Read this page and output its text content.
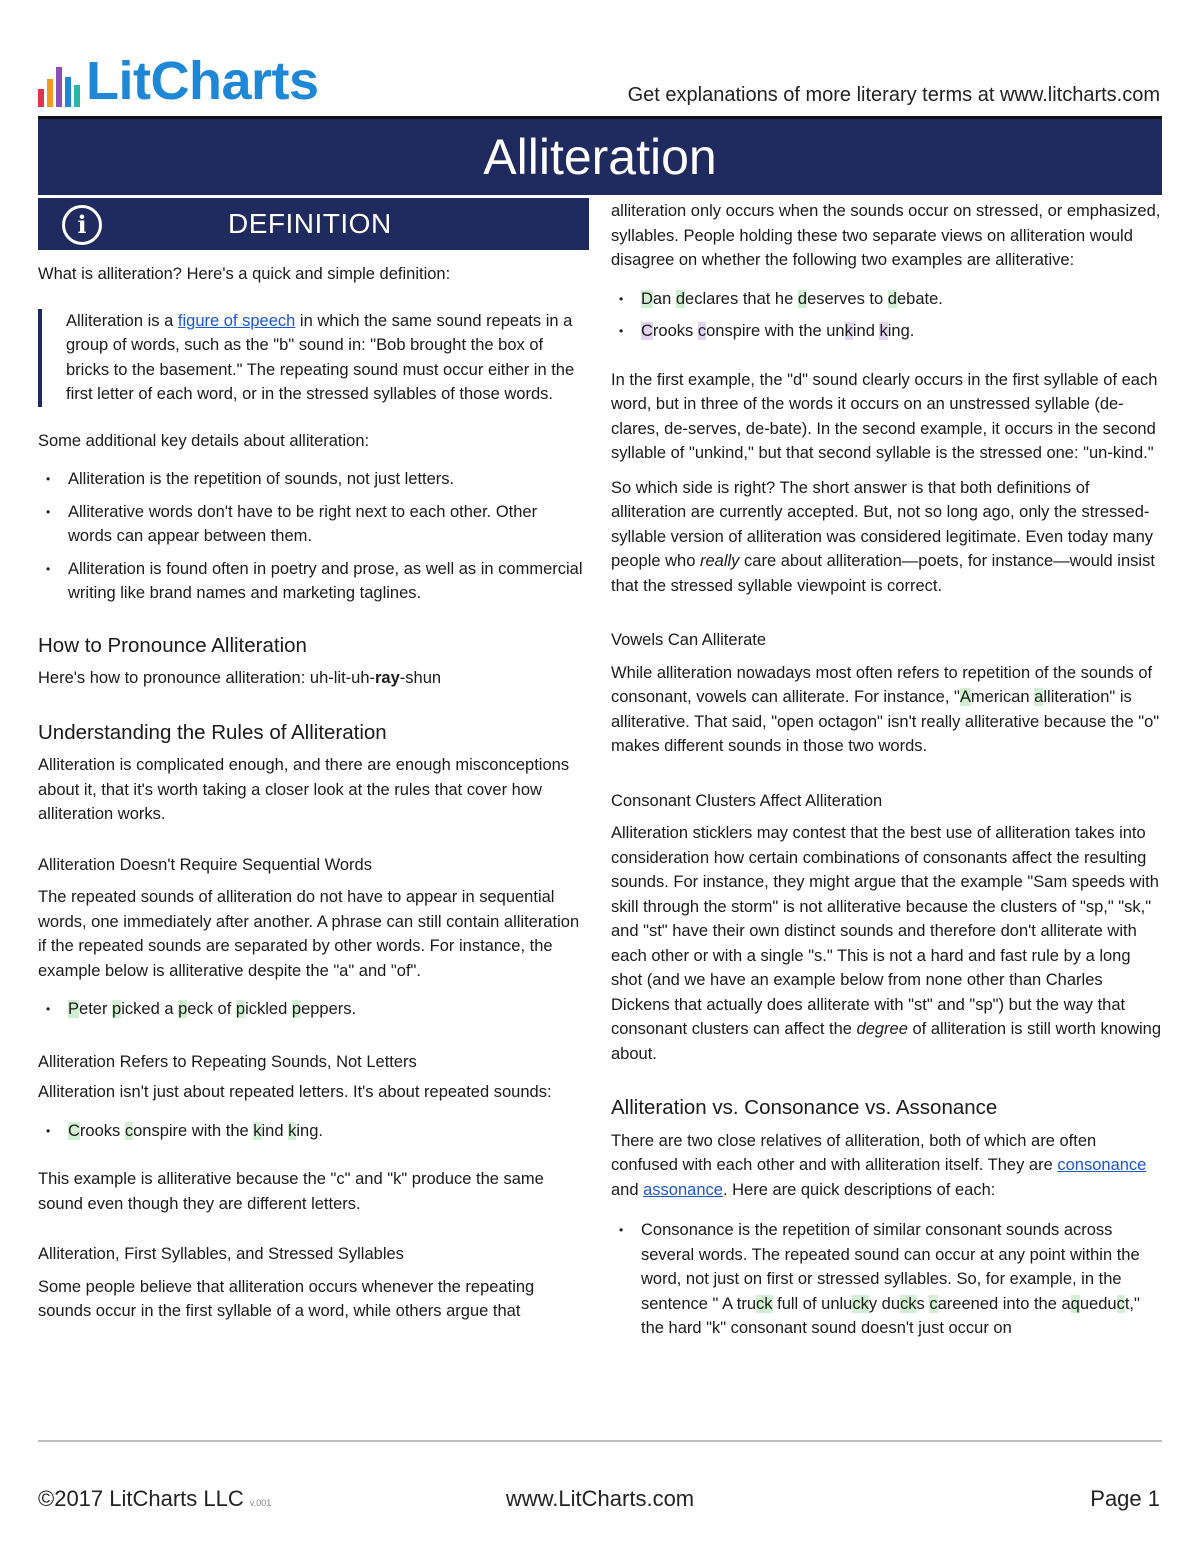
LitCharts	Get explanations of more literary terms at www.litcharts.com
Alliteration
i	DEFINITION

What is alliteration? Here's a quick and simple definition:

Alliteration is a figure of speech in which the same sound repeats in a group of words, such as the "b" sound in: "Bob brought the box of bricks to the basement." The repeating sound must occur either in the first letter of each word, or in the stressed syllables of those words.

Some additional key details about alliteration:

• Alliteration is the repetition of sounds, not just letters.
• Alliterative words don't have to be right next to each other. Other words can appear between them.
• Alliteration is found often in poetry and prose, as well as in commercial writing like brand names and marketing taglines.
How to Pronounce Alliteration

Here's how to pronounce alliteration: uh-lit-uh-ray-shun

Understanding the Rules of Alliteration

Alliteration is complicated enough, and there are enough misconceptions about it, that it's worth taking a closer look at the rules that cover how alliteration works.

Alliteration Doesn't Require Sequential Words

The repeated sounds of alliteration do not have to appear in sequential words, one immediately after another. A phrase can still contain alliteration if the repeated sounds are separated by other words. For instance, the example below is alliterative despite the "a" and "of".

• Peter picked a peck of pickled peppers.
Alliteration Refers to Repeating Sounds, Not Letters

Alliteration isn't just about repeated letters. It's about repeated sounds:

• Crooks conspire with the kind king.

This example is alliterative because the "c" and "k" produce the same sound even though they are different letters.

Alliteration, First Syllables, and Stressed Syllables

Some people believe that alliteration occurs whenever the repeating sounds occur in the first syllable of a word, while others argue that

alliteration only occurs when the sounds occur on stressed, or emphasized, syllables. People holding these two separate views on alliteration would disagree on whether the following two examples are alliterative:

• Dan declares that he deserves to debate.
• Crooks conspire with the unkind king.

In the first example, the "d" sound clearly occurs in the first syllable of each word, but in three of the words it occurs on an unstressed syllable (de-clares, de-serves, de-bate). In the second example, it occurs in the second syllable of "unkind," but that second syllable is the stressed one: "un-kind."

So which side is right? The short answer is that both definitions of alliteration are currently accepted. But, not so long ago, only the stressed-syllable version of alliteration was considered legitimate. Even today many people who really care about alliteration—poets, for instance—would insist that the stressed syllable viewpoint is correct.

Vowels Can Alliterate

While alliteration nowadays most often refers to repetition of the sounds of consonant, vowels can alliterate. For instance, "American alliteration" is alliterative. That said, "open octagon" isn't really alliterative because the "o" makes different sounds in those two words.

Consonant Clusters Affect Alliteration

Alliteration sticklers may contest that the best use of alliteration takes into consideration how certain combinations of consonants affect the resulting sounds. For instance, they might argue that the example "Sam speeds with skill through the storm" is not alliterative because the clusters of "sp," "sk," and "st" have their own distinct sounds and therefore don't alliterate with each other or with a single "s." This is not a hard and fast rule by a long shot (and we have an example below from none other than Charles Dickens that actually does alliterate with "st" and "sp") but the way that consonant clusters can affect the degree of alliteration is still worth knowing about.

Alliteration vs. Consonance vs. Assonance

There are two close relatives of alliteration, both of which are often confused with each other and with alliteration itself. They are consonance and assonance. Here are quick descriptions of each:

• Consonance is the repetition of similar consonant sounds across several words. The repeated sound can occur at any point within the word, not just on first or stressed syllables. So, for example, in the sentence " A truck full of unlucky ducks careened into the aqueduct," the hard "k" consonant sound doesn't just occur on
©2017 LitCharts LLC v.001	www.LitCharts.com	Page 1
